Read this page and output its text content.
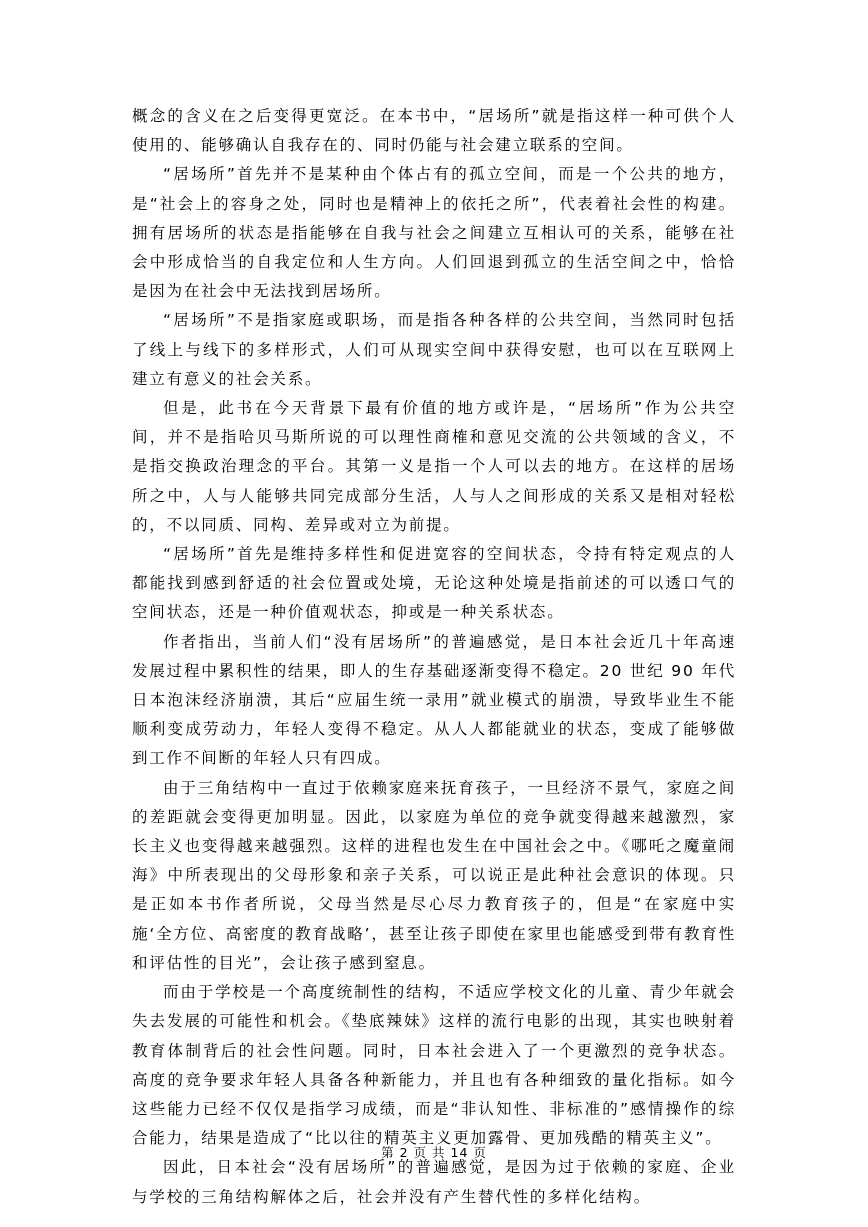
概念的含义在之后变得更宽泛。在本书中，“居场所”就是指这样一种可供个人使用的、能够确认自我存在的、同时仍能与社会建立联系的空间。

“居场所”首先并不是某种由个体占有的孤立空间，而是一个公共的地方，是“社会上的容身之处，同时也是精神上的依托之所”，代表着社会性的构建。拥有居场所的状态是指能够在自我与社会之间建立互相认可的关系，能够在社会中形成恰当的自我定位和人生方向。人们回退到孤立的生活空间之中，恰恰是因为在社会中无法找到居场所。

“居场所”不是指家庭或职场，而是指各种各样的公共空间，当然同时包括了线上与线下的多样形式，人们可从现实空间中获得安慰，也可以在互联网上建立有意义的社会关系。

但是，此书在今天背景下最有价值的地方或许是，“居场所”作为公共空间，并不是指哈贝马斯所说的可以理性商榷和意见交流的公共领域的含义，不是指交换政治理念的平台。其第一义是指一个人可以去的地方。在这样的居场所之中，人与人能够共同完成部分生活，人与人之间形成的关系又是相对轻松的，不以同质、同构、差异或对立为前提。

“居场所”首先是维持多样性和促进宽容的空间状态，令持有特定观点的人都能找到感到舒适的社会位置或处境，无论这种处境是指前述的可以透口气的空间状态，还是一种价值观状态，抑或是一种关系状态。

作者指出，当前人们“没有居场所”的普遍感觉，是日本社会近几十年高速发展过程中累积性的结果，即人的生存基础逐渐变得不稳定。20 世纪 90 年代日本泡沫经济崩溃，其后“应届生统一录用”就业模式的崩溃，导致毕业生不能顺利变成劳动力，年轻人变得不稳定。从人人都能就业的状态，变成了能够做到工作不间断的年轻人只有四成。

由于三角结构中一直过于依赖家庭来抚育孩子，一旦经济不景气，家庭之间的差距就会变得更加明显。因此，以家庭为单位的竞争就变得越来越激烈，家长主义也变得越来越强烈。这样的进程也发生在中国社会之中。《哪吒之魔童闹海》中所表现出的父母形象和亲子关系，可以说正是此种社会意识的体现。只是正如本书作者所说，父母当然是尽心尽力教育孩子的，但是“在家庭中实施‘全方位、高密度的教育战略’，甚至让孩子即使在家里也能感受到带有教育性和评估性的目光”，会让孩子感到窒息。

而由于学校是一个高度统制性的结构，不适应学校文化的儿童、青少年就会失去发展的可能性和机会。《垫底辣妹》这样的流行电影的出现，其实也映射着教育体制背后的社会性问题。同时，日本社会进入了一个更激烈的竞争状态。高度的竞争要求年轻人具备各种新能力，并且也有各种细致的量化指标。如今这些能力已经不仅仅是指学习成绩，而是“非认知性、非标准的”感情操作的综合能力，结果是造成了“比以往的精英主义更加露骨、更加残酷的精英主义”。

因此，日本社会“没有居场所”的普遍感觉，是因为过于依赖的家庭、企业与学校的三角结构解体之后，社会并没有产生替代性的多样化结构。

第 2 页 共 14 页
